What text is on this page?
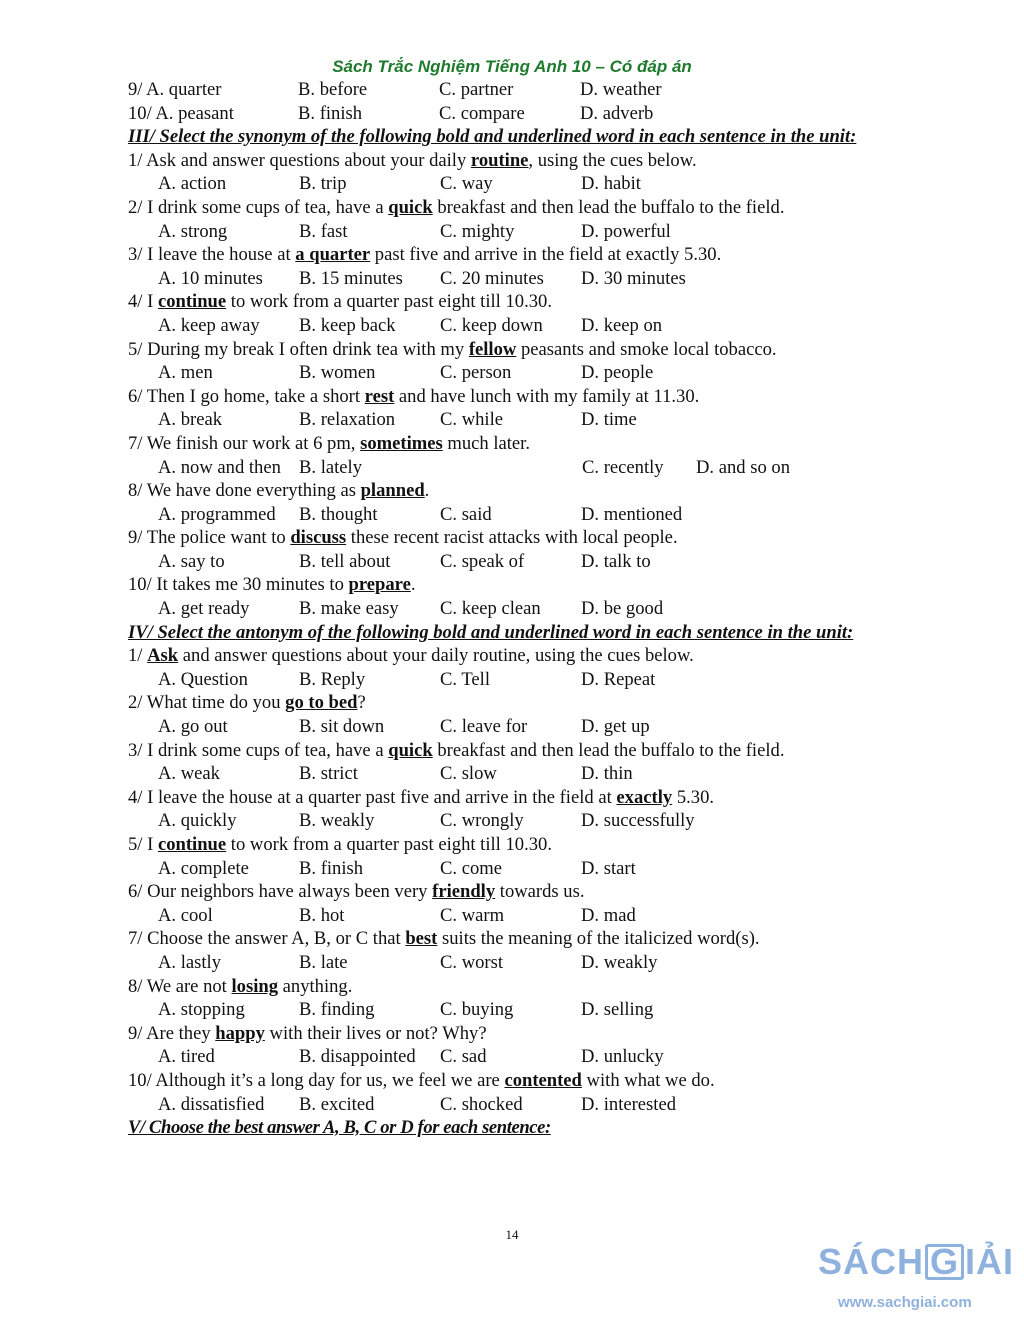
Sách Trắc Nghiệm Tiếng Anh 10 – Có đáp án
9/ A. quarter	B. before	C. partner	D. weather
10/ A. peasant	B. finish	C. compare	D. adverb
III/ Select the synonym of the following bold and underlined word in each sentence in the unit:
1/ Ask and answer questions about your daily routine, using the cues below.
A. action	B. trip	C. way	D. habit
2/ I drink some cups of tea, have a quick breakfast and then lead the buffalo to the field.
A. strong	B. fast	C. mighty	D. powerful
3/ I leave the house at a quarter past five and arrive in the field at exactly 5.30.
A. 10 minutes B. 15 minutes C. 20 minutes D. 30 minutes
4/ I continue to work from a quarter past eight till 10.30.
A. keep away B. keep back C. keep down D. keep on
5/ During my break I often drink tea with my fellow peasants and smoke local tobacco.
A. men	B. women	C. person	D. people
6/ Then I go home, take a short rest and have lunch with my family at 11.30.
A. break	B. relaxation C. while	D. time
7/ We finish our work at 6 pm, sometimes much later.
A. now and then B. lately	C. recently D. and so on
8/ We have done everything as planned.
A. programmed B. thought	C. said	D. mentioned
9/ The police want to discuss these recent racist attacks with local people.
A. say to	B. tell about	C. speak of	D. talk to
10/ It takes me 30 minutes to prepare.
A. get ready	B. make easy C. keep clean D. be good
IV/ Select the antonym of the following bold and underlined word in each sentence in the unit:
1/ Ask and answer questions about your daily routine, using the cues below.
A. Question	B. Reply	C. Tell	D. Repeat
2/ What time do you go to bed?
A. go out	B. sit down	C. leave for	D. get up
3/ I drink some cups of tea, have a quick breakfast and then lead the buffalo to the field.
A. weak	B. strict	C. slow	D. thin
4/ I leave the house at a quarter past five and arrive in the field at exactly 5.30.
A. quickly	B. weakly	C. wrongly	D. successfully
5/ I continue to work from a quarter past eight till 10.30.
A. complete	B. finish	C. come	D. start
6/ Our neighbors have always been very friendly towards us.
A. cool	B. hot	C. warm	D. mad
7/ Choose the answer A, B, or C that best suits the meaning of the italicized word(s).
A. lastly	B. late	C. worst	D. weakly
8/ We are not losing anything.
A. stopping	B. finding	C. buying	D. selling
9/ Are they happy with their lives or not? Why?
A. tired	B. disappointed C. sad	D. unlucky
10/ Although it’s a long day for us, we feel we are contented with what we do.
A. dissatisfied B. excited	C. shocked	D. interested
V/ Choose the best answer A, B, C or D for each sentence:
14
SÁCH G IẢI
www.sachgiai.com
